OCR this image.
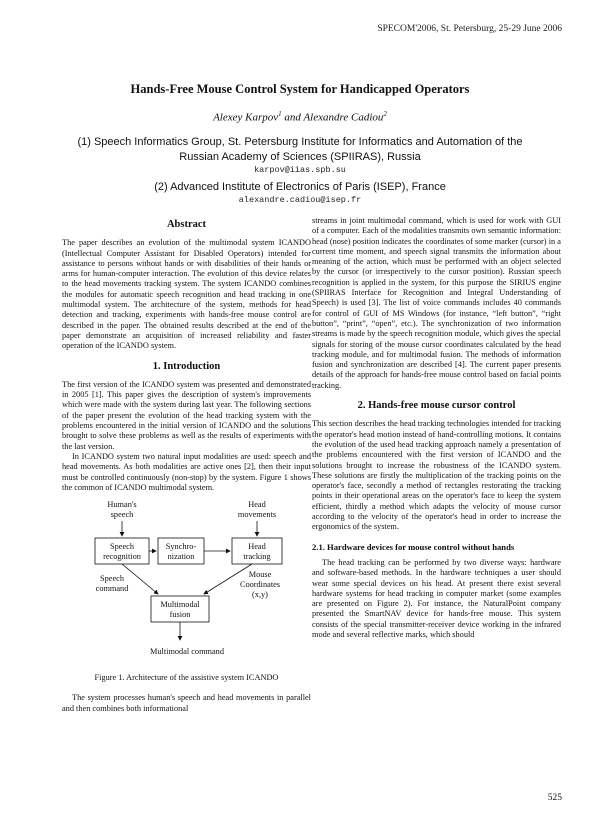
SPECOM'2006, St. Petersburg, 25-29 June 2006
Hands-Free Mouse Control System for Handicapped Operators
Alexey Karpov$^1$ and Alexandre Cadiou$^2$
(1) Speech Informatics Group, St. Petersburg Institute for Informatics and Automation of the Russian Academy of Sciences (SPIIRAS), Russia
karpov@iias.spb.su
(2) Advanced Institute of Electronics of Paris (ISEP), France
alexandre.cadiou@isep.fr
Abstract

The paper describes an evolution of the multimodal system ICANDO (Intellectual Computer Assistant for Disabled Operators) intended for assistance to persons without hands or with disabilities of their hands or arms for human-computer interaction. The evolution of this device relates to the head movements tracking system. The system ICANDO combines the modules for automatic speech recognition and head tracking in one multimodal system. The architecture of the system, methods for head detection and tracking, experiments with hands-free mouse control are described in the paper. The obtained results described at the end of the paper demonstrate an acquisition of increased reliability and faster operation of the ICANDO system.

1. Introduction

The first version of the ICANDO system was presented and demonstrated in 2005 [1]. This paper gives the description of system's improvements which were made with the system during last year. The following sections of the paper present the evolution of the head tracking system with the problems encountered in the initial version of ICANDO and the solutions brought to solve these problems as well as the results of experiments with the last version.

In ICANDO system two natural input modalities are used: speech and head movements. As both modalities are active ones [2], then their input must be controlled continuously (non-stop) by the system. Figure 1 shows the common of ICANDO multimodal system.

Human's
speech
Head
movements
Speech
recognition
Synchro-
nization
Head
tracking
Multimodal
fusion
Speech
command
Mouse
Coordinates
(x,y)
Multimodal command
Figure 1. Architecture of the assistive system ICANDO

The system processes human's speech and head movements in parallel and then combines both informational

streams in joint multimodal command, which is used for work with GUI of a computer. Each of the modalities transmits own semantic information: head (nose) position indicates the coordinates of some marker (cursor) in a current time moment, and speech signal transmits the information about meaning of the action, which must be performed with an object selected by the cursor (or irrespectively to the cursor position). Russian speech recognition is applied in the system, for this purpose the SIRIUS engine (SPIIRAS Interface for Recognition and Integral Understanding of Speech) is used [3]. The list of voice commands includes 40 commands for control of GUI of MS Windows (for instance, “left button”, “right button”, “print”, “open”, etc.). The synchronization of two information streams is made by the speech recognition module, which gives the special signals for storing of the mouse cursor coordinates calculated by the head tracking module, and for multimodal fusion. The methods of information fusion and synchronization are described [4]. The current paper presents details of the approach for hands-free mouse control based on facial points tracking.

2. Hands-free mouse cursor control

This section describes the head tracking technologies intended for tracking the operator's head motion instead of hand-controlling motions. It contains the evolution of the used head tracking approach namely a presentation of the problems encountered with the first version of ICANDO and the solutions brought to increase the robustness of the ICANDO system. These solutions are firstly the multiplication of the tracking points on the operator's face, secondly a method of rectangles restorating the tracking points in their operational areas on the operator's face to keep the system efficient, thirdly a method which adapts the velocity of mouse cursor according to the velocity of the operator's head in order to increase the ergonomics of the system.

2.1. Hardware devices for mouse control without hands

The head tracking can be performed by two diverse ways: hardware and software-based methods. In the hardware techniques a user should wear some special devices on his head. At present there exist several hardware systems for head tracking in computer market (some examples are presented on Figure 2). For instance, the NaturalPoint company presented the SmartNAV device for hands-free mouse. This system consists of the special transmitter-receiver device working in the infrared mode and several reflective marks, which should

525
